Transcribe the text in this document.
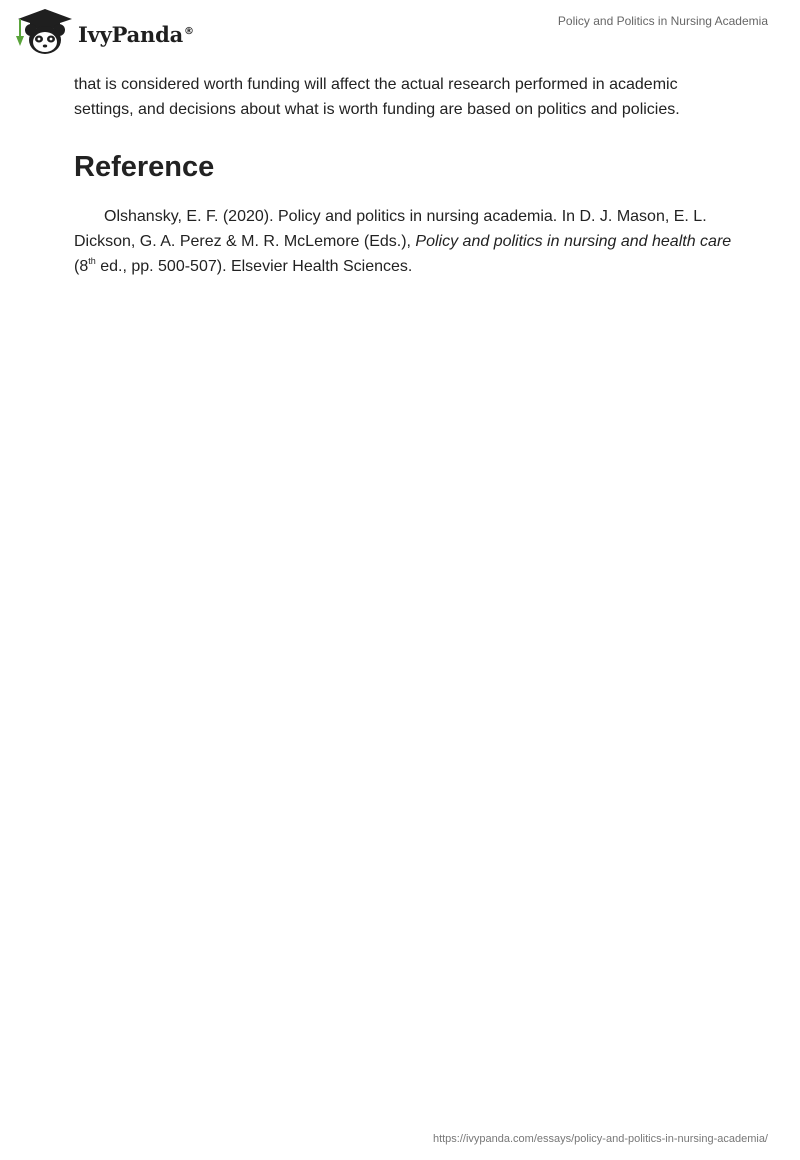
IvyPanda®
Policy and Politics in Nursing Academia

that is considered worth funding will affect the actual research performed in academic settings, and decisions about what is worth funding are based on politics and policies.

Reference

Olshansky, E. F. (2020). Policy and politics in nursing academia. In D. J. Mason, E. L. Dickson, G. A. Perez & M. R. McLemore (Eds.), Policy and politics in nursing and health care (8th ed., pp. 500-507). Elsevier Health Sciences.

https://ivypanda.com/essays/policy-and-politics-in-nursing-academia/
